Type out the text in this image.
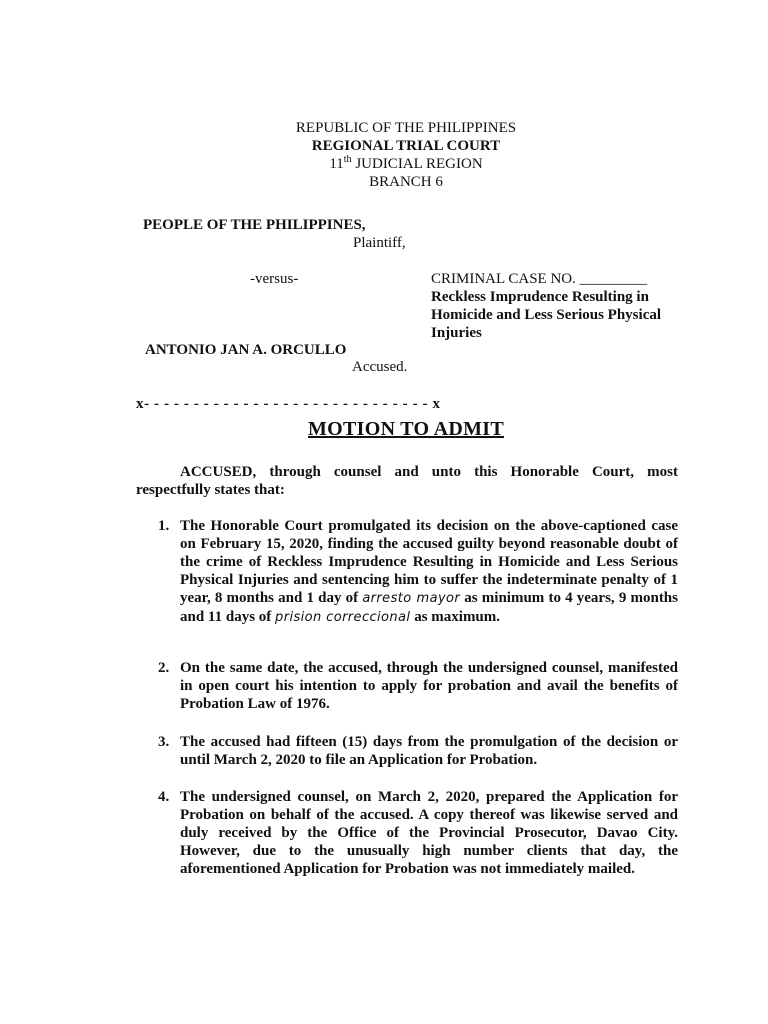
REPUBLIC OF THE PHILIPPINES
REGIONAL TRIAL COURT
11th JUDICIAL REGION
BRANCH 6
PEOPLE OF THE PHILIPPINES,
Plaintiff,
-versus-	CRIMINAL CASE NO. _________
Reckless Imprudence Resulting in
Homicide and Less Serious Physical
Injuries
ANTONIO JAN A. ORCULLO
Accused.
x- - - - - - - - - - - - - - - - - - - - - - - - - - - - - x
MOTION TO ADMIT
ACCUSED, through counsel and unto this Honorable Court, most respectfully states that:
1. The Honorable Court promulgated its decision on the above-captioned case on February 15, 2020, finding the accused guilty beyond reasonable doubt of the crime of Reckless Imprudence Resulting in Homicide and Less Serious Physical Injuries and sentencing him to suffer the indeterminate penalty of 1 year, 8 months and 1 day of arresto mayor as minimum to 4 years, 9 months and 11 days of prision correccional as maximum.
2. On the same date, the accused, through the undersigned counsel, manifested in open court his intention to apply for probation and avail the benefits of Probation Law of 1976.
3. The accused had fifteen (15) days from the promulgation of the decision or until March 2, 2020 to file an Application for Probation.
4. The undersigned counsel, on March 2, 2020, prepared the Application for Probation on behalf of the accused. A copy thereof was likewise served and duly received by the Office of the Provincial Prosecutor, Davao City. However, due to the unusually high number clients that day, the aforementioned Application for Probation was not immediately mailed.
